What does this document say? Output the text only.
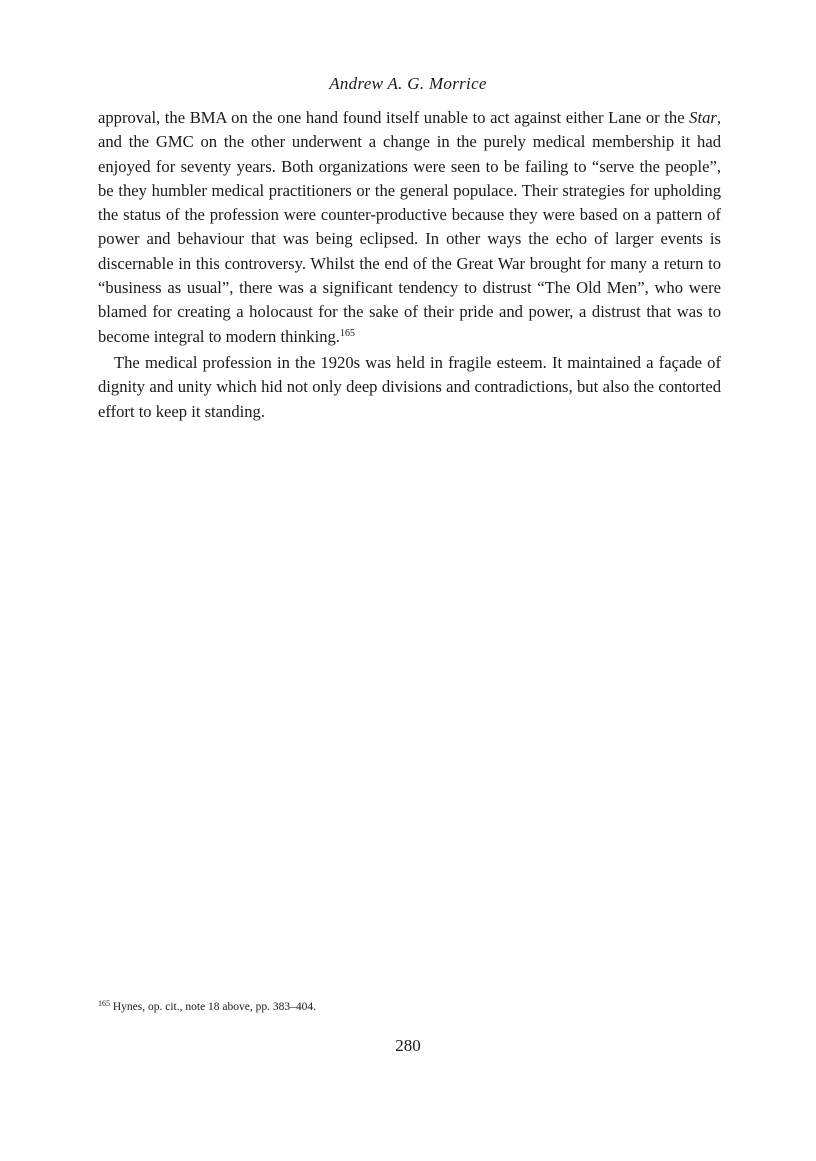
Andrew A. G. Morrice

approval, the BMA on the one hand found itself unable to act against either Lane or the Star, and the GMC on the other underwent a change in the purely medical membership it had enjoyed for seventy years. Both organizations were seen to be failing to “serve the people”, be they humbler medical practitioners or the general populace. Their strategies for upholding the status of the profession were counter-productive because they were based on a pattern of power and behaviour that was being eclipsed. In other ways the echo of larger events is discernable in this controversy. Whilst the end of the Great War brought for many a return to “business as usual”, there was a significant tendency to distrust “The Old Men”, who were blamed for creating a holocaust for the sake of their pride and power, a distrust that was to become integral to modern thinking.$^{165}$

The medical profession in the 1920s was held in fragile esteem. It maintained a façade of dignity and unity which hid not only deep divisions and contradictions, but also the contorted effort to keep it standing.

$^{165}$ Hynes, op. cit., note 18 above, pp. 383–404.
280
